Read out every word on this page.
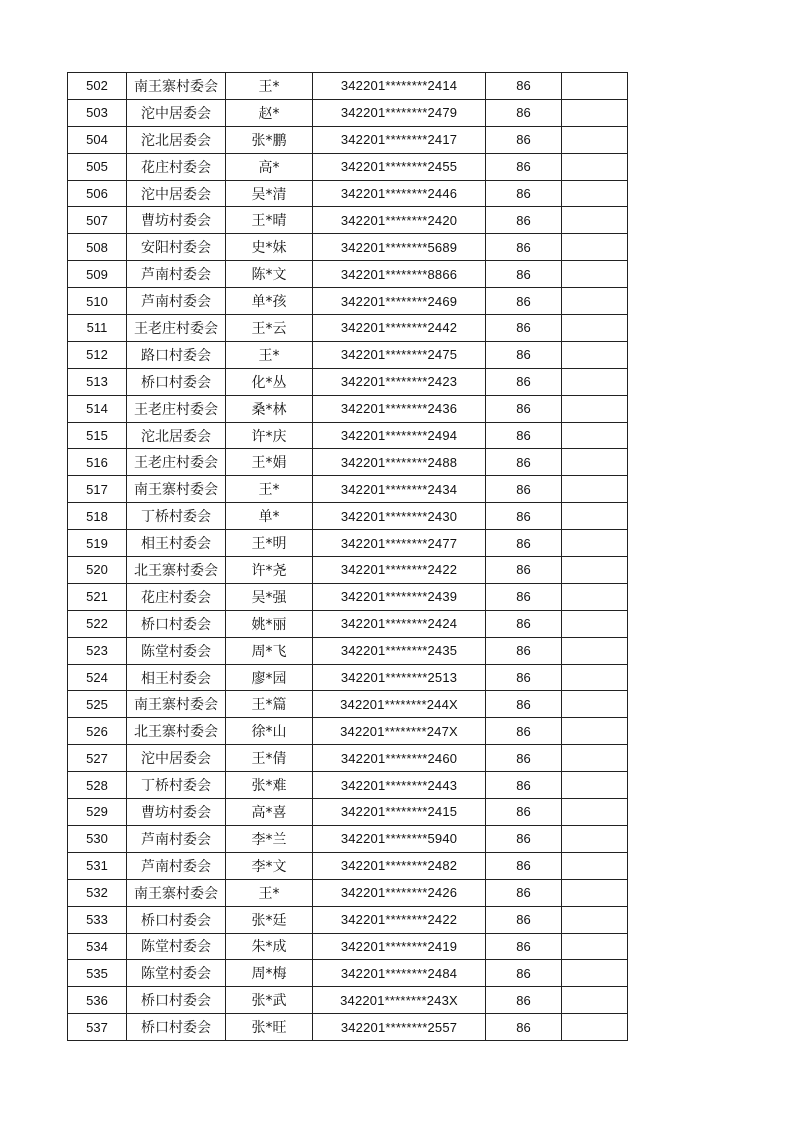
502	南王寨村委会	王*	342201********2414	86	
503	沱中居委会	赵*	342201********2479	86	
504	沱北居委会	张*鹏	342201********2417	86	
505	花庄村委会	高*	342201********2455	86	
506	沱中居委会	吴*清	342201********2446	86	
507	曹坊村委会	王*晴	342201********2420	86	
508	安阳村委会	史*妹	342201********5689	86	
509	芦南村委会	陈*文	342201********8866	86	
510	芦南村委会	单*孩	342201********2469	86	
511	王老庄村委会	王*云	342201********2442	86	
512	路口村委会	王*	342201********2475	86	
513	桥口村委会	化*丛	342201********2423	86	
514	王老庄村委会	桑*林	342201********2436	86	
515	沱北居委会	许*庆	342201********2494	86	
516	王老庄村委会	王*娟	342201********2488	86	
517	南王寨村委会	王*	342201********2434	86	
518	丁桥村委会	单*	342201********2430	86	
519	相王村委会	王*明	342201********2477	86	
520	北王寨村委会	许*尧	342201********2422	86	
521	花庄村委会	吴*强	342201********2439	86	
522	桥口村委会	姚*丽	342201********2424	86	
523	陈堂村委会	周*飞	342201********2435	86	
524	相王村委会	廖*园	342201********2513	86	
525	南王寨村委会	王*篇	342201********244X	86	
526	北王寨村委会	徐*山	342201********247X	86	
527	沱中居委会	王*倩	342201********2460	86	
528	丁桥村委会	张*难	342201********2443	86	
529	曹坊村委会	高*喜	342201********2415	86	
530	芦南村委会	李*兰	342201********5940	86	
531	芦南村委会	李*文	342201********2482	86	
532	南王寨村委会	王*	342201********2426	86	
533	桥口村委会	张*廷	342201********2422	86	
534	陈堂村委会	朱*成	342201********2419	86	
535	陈堂村委会	周*梅	342201********2484	86	
536	桥口村委会	张*武	342201********243X	86	
537	桥口村委会	张*旺	342201********2557	86	
